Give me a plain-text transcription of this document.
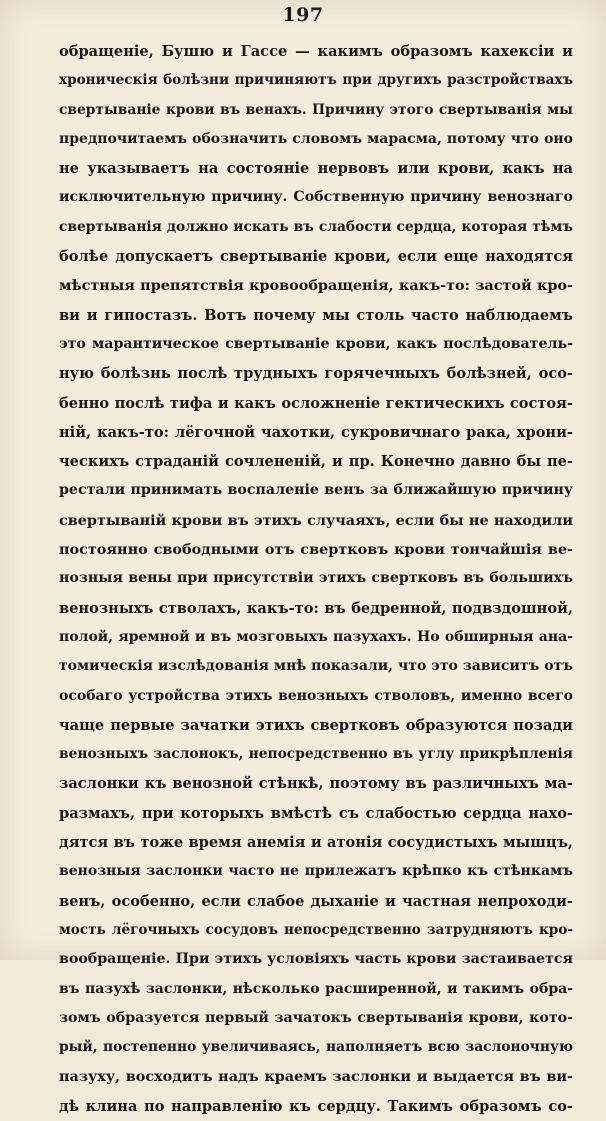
197
обращеніе, Бушю и Гассе — какимъ образомъ кахексіи и
хроническія болѣзни причиняютъ при другихъ разстройствахъ
свертываніе крови въ венахъ. Причину этого свертыванія мы
предпочитаемъ обозначить словомъ марасма, потому что оно
не указываетъ на состояніе нервовъ или крови, какъ на
исключительную причину. Собственную причину венознаго
свертыванія должно искать въ слабости сердца, которая тѣмъ
болѣе допускаетъ свертываніе крови, если еще находятся
мѣстныя препятствія кровообращенія, какъ-то: застой кро-
ви и гипостазъ. Вотъ почему мы столь часто наблюдаемъ
это марантическое свертываніе крови, какъ послѣдователь-
ную болѣзнь послѣ трудныхъ горячечныхъ болѣзней, осо-
бенно послѣ тифа и какъ осложненіе гектическихъ состоя-
ній, какъ-то: лёгочной чахотки, сукровичнаго рака, хрони-
ческихъ страданій сочлененій, и пр. Конечно давно бы пе-
рестали принимать воспаленіе венъ за ближайшую причину
свертываній крови въ этихъ случаяхъ, если бы не находили
постоянно свободными отъ свертковъ крови тончайшія ве-
нозныя вены при присутствіи этихъ свертковъ въ большихъ
венозныхъ стволахъ, какъ-то: въ бедренной, подвздошной,
полой, яремной и въ мозговыхъ пазухахъ. Но обширныя ана-
томическія изслѣдованія мнѣ показали, что это зависитъ отъ
особаго устройства этихъ венозныхъ стволовъ, именно всего
чаще первые зачатки этихъ свертковъ образуются позади
венозныхъ заслонокъ, непосредственно въ углу прикрѣпленія
заслонки къ венозной стѣнкѣ, поэтому въ различныхъ ма-
размахъ, при которыхъ вмѣстѣ съ слабостью сердца нахо-
дятся въ тоже время анемія и атонія сосудистыхъ мышцъ,
венозныя заслонки часто не прилежатъ крѣпко къ стѣнкамъ
венъ, особенно, если слабое дыханіе и частная непроходи-
мость лёгочныхъ сосудовъ непосредственно затрудняютъ кро-
вообращеніе. При этихъ условіяхъ часть крови застаивается
въ пазухѣ заслонки, нѣсколько расширенной, и такимъ обра-
зомъ образуется первый зачатокъ свертыванія крови, кото-
рый, постепенно увеличиваясь, наполняетъ всю заслоночную
пазуху, восходитъ надъ краемъ заслонки и выдается въ ви-
дѣ клина по направленію къ сердцу. Такимъ образомъ со-
